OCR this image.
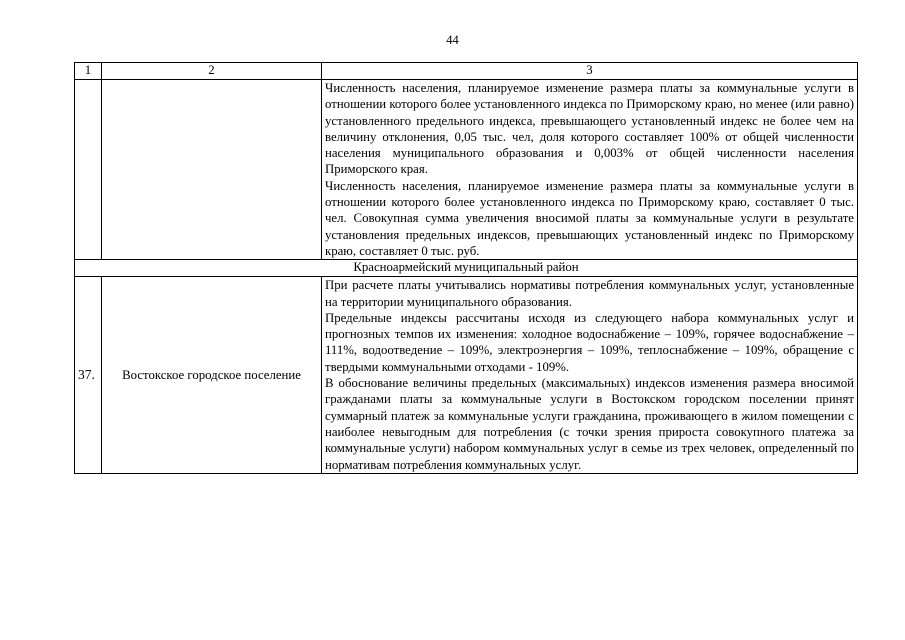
44
1	2	3

		Численность населения, планируемое изменение размера платы за коммунальные услуги в отношении которого более установленного индекса по Приморскому краю, но менее (или равно) установленного предельного индекса, превышающего установленный индекс не более чем на величину отклонения, 0,05 тыс. чел, доля которого составляет 100% от общей численности населения муниципального образования и 0,003% от общей численности населения Приморского края.

Численность населения, планируемое изменение размера платы за коммунальные услуги в отношении которого более установленного индекса по Приморскому краю, составляет 0 тыс. чел. Совокупная сумма увеличения вносимой платы за коммунальные услуги в результате установления предельных индексов, превышающих установленный индекс по Приморскому краю, составляет 0 тыс. руб.

Красноармейский муниципальный район		
37.	Востокское городское поселение	При расчете платы учитывались нормативы потребления коммунальных услуг, установленные на территории муниципального образования.

Предельные индексы рассчитаны исходя из следующего набора коммунальных услуг и прогнозных темпов их изменения: холодное водоснабжение – 109%, горячее водоснабжение – 111%, водоотведение – 109%, электроэнергия – 109%, теплоснабжение – 109%, обращение с твердыми коммунальными отходами - 109%.

В обоснование величины предельных (максимальных) индексов изменения размера вносимой гражданами платы за коммунальные услуги в Востокском городском поселении принят суммарный платеж за коммунальные услуги гражданина, проживающего в жилом помещении с наиболее невыгодным для потребления (с точки зрения прироста совокупного платежа за коммунальные услуги) набором коммунальных услуг в семье из трех человек, определенный по нормативам потребления коммунальных услуг.
